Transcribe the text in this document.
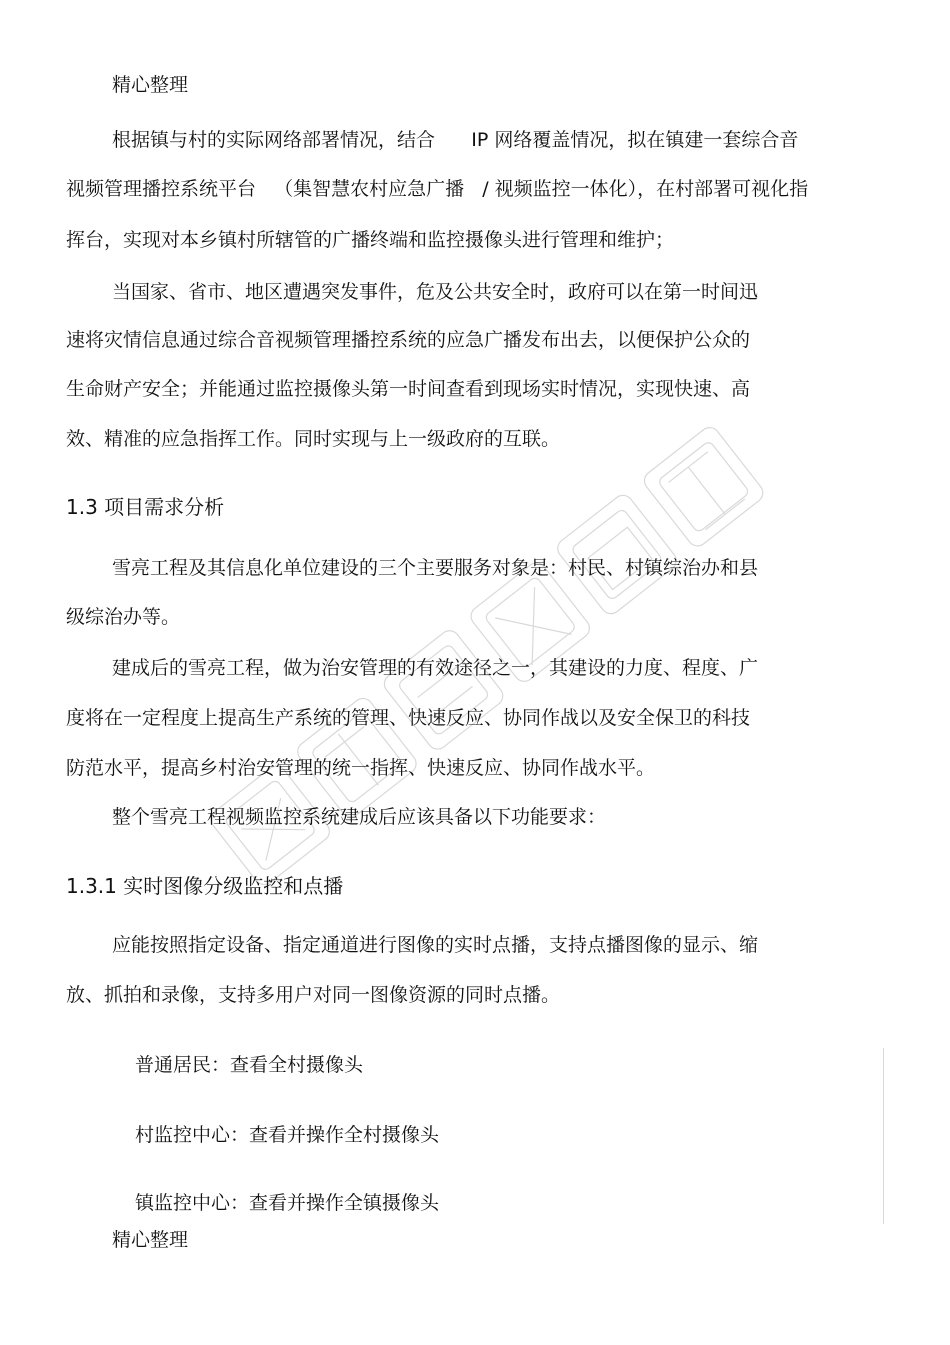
精心整理

根据镇与村的实际网络部署情况，结合      IP 网络覆盖情况，拟在镇建一套综合音

视频管理播控系统平台   （集智慧农村应急广播   / 视频监控一体化），在村部署可视化指

挥台，实现对本乡镇村所辖管的广播终端和监控摄像头进行管理和维护；

当国家、省市、地区遭遇突发事件，危及公共安全时，政府可以在第一时间迅

速将灾情信息通过综合音视频管理播控系统的应急广播发布出去，以便保护公众的

生命财产安全；并能通过监控摄像头第一时间查看到现场实时情况，实现快速、高

效、精准的应急指挥工作。同时实现与上一级政府的互联。

1.3 项目需求分析

雪亮工程及其信息化单位建设的三个主要服务对象是：村民、村镇综治办和县

级综治办等。

建成后的雪亮工程，做为治安管理的有效途径之一，其建设的力度、程度、广

度将在一定程度上提高生产系统的管理、快速反应、协同作战以及安全保卫的科技

防范水平，提高乡村治安管理的统一指挥、快速反应、协同作战水平。

整个雪亮工程视频监控系统建成后应该具备以下功能要求：

1.3.1 实时图像分级监控和点播

应能按照指定设备、指定通道进行图像的实时点播，支持点播图像的显示、缩

放、抓拍和录像，支持多用户对同一图像资源的同时点播。

普通居民：查看全村摄像头

村监控中心：查看并操作全村摄像头

镇监控中心：查看并操作全镇摄像头

精心整理
